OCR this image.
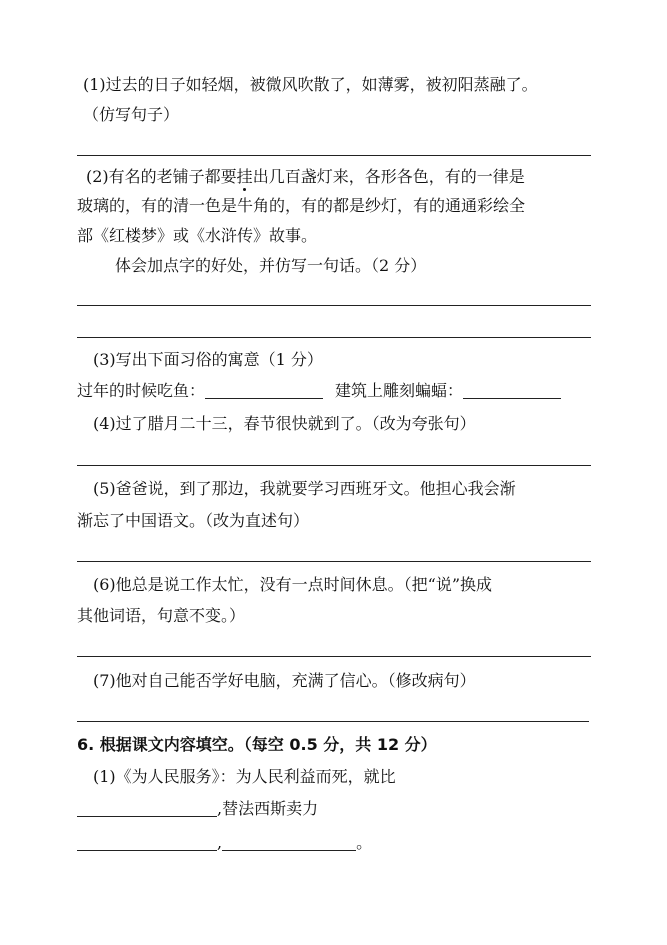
(1)过去的日子如轻烟，被微风吹散了，如薄雾，被初阳蒸融了。
（仿写句子）
(2)有名的老铺子都要挂出几百盏灯来，各形各色，有的一律是
玻璃的，有的清一色是牛角的，有的都是纱灯，有的通通彩绘全
部《红楼梦》或《水浒传》故事。
体会加点字的好处，并仿写一句话。（2 分）
(3)写出下面习俗的寓意（1 分）
过年的时候吃鱼：	建筑上雕刻蝙蝠：
(4)过了腊月二十三，春节很快就到了。（改为夸张句）
(5)爸爸说，到了那边，我就要学习西班牙文。他担心我会渐
渐忘了中国语文。（改为直述句）
(6)他总是说工作太忙，没有一点时间休息。（把“说”换成
其他词语，句意不变。）
(7)他对自己能否学好电脑，充满了信心。（修改病句）
6. 根据课文内容填空。（每空 0.5 分，共 12 分）
(1)《为人民服务》：为人民利益而死，就比
,替法西斯卖力
,	。
